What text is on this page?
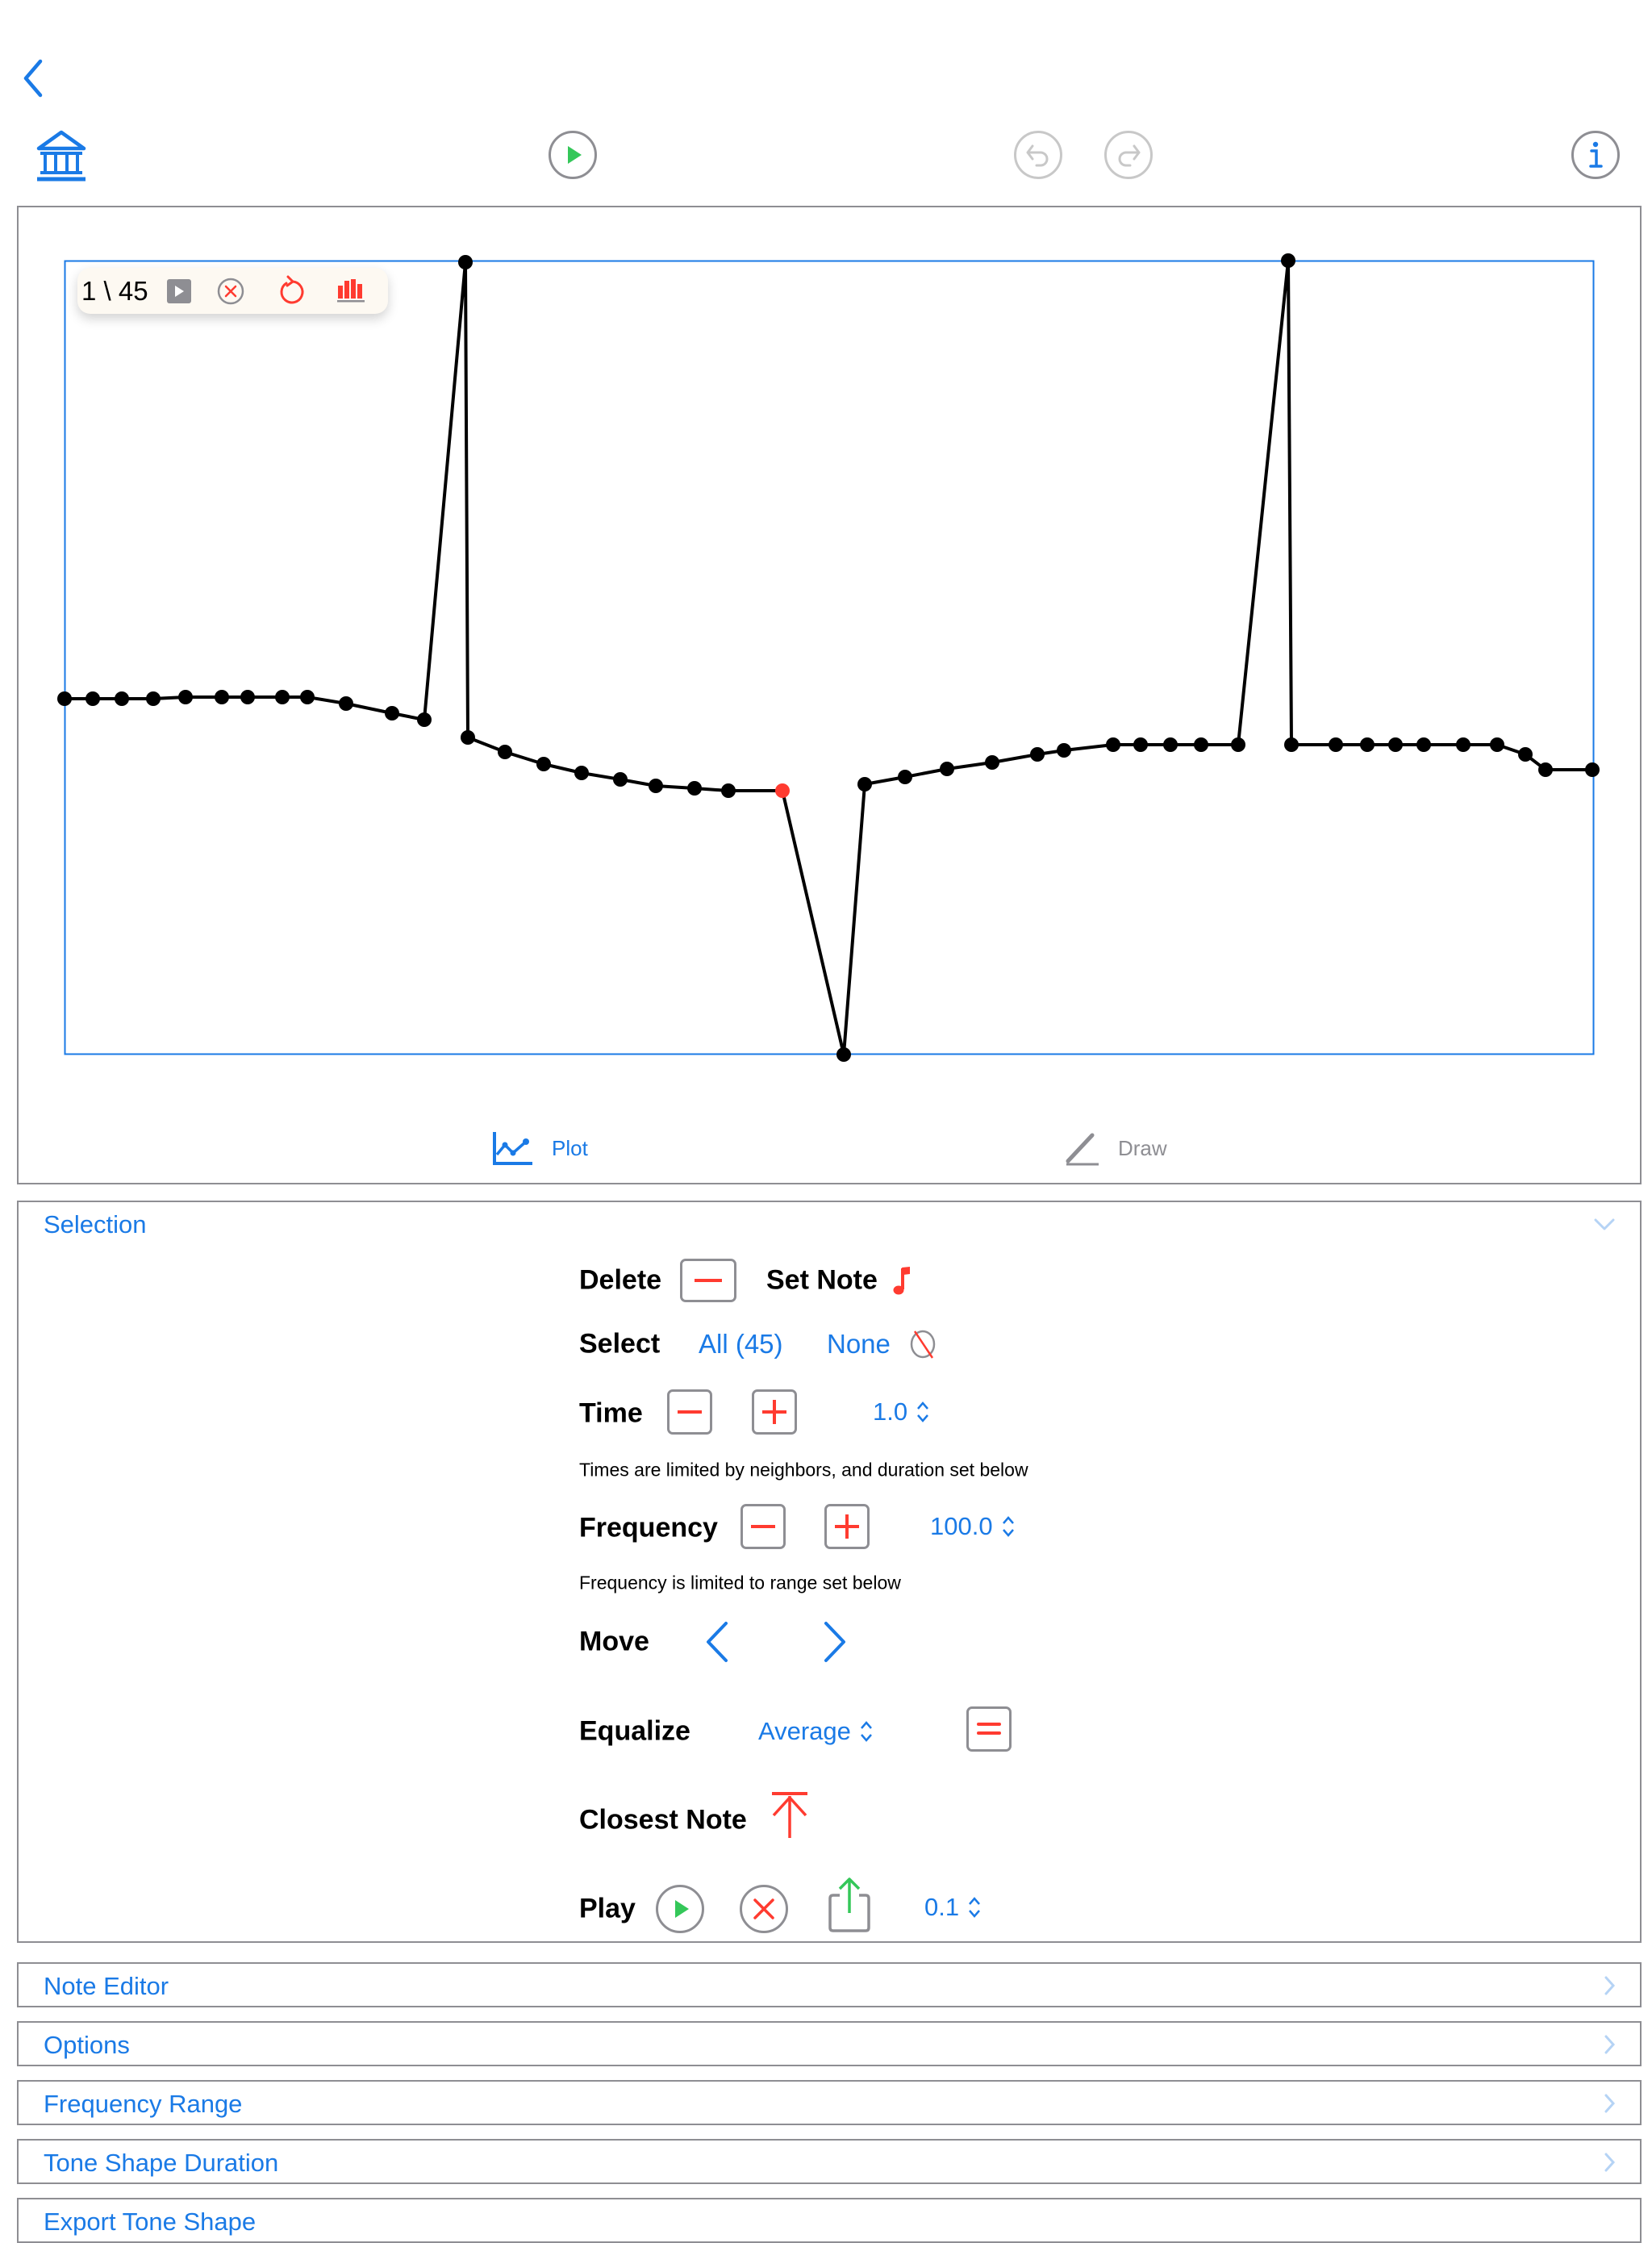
1 \ 45
Plot	Draw
Selection
Delete	Set Note
Select All (45) None
Time	1.0
Times are limited by neighbors, and duration set below
Frequency	100.0
Frequency is limited to range set below
Move
Equalize	Average
Closest Note
Play	0.1
Note Editor
Options
Frequency Range
Tone Shape Duration
Export Tone Shape
